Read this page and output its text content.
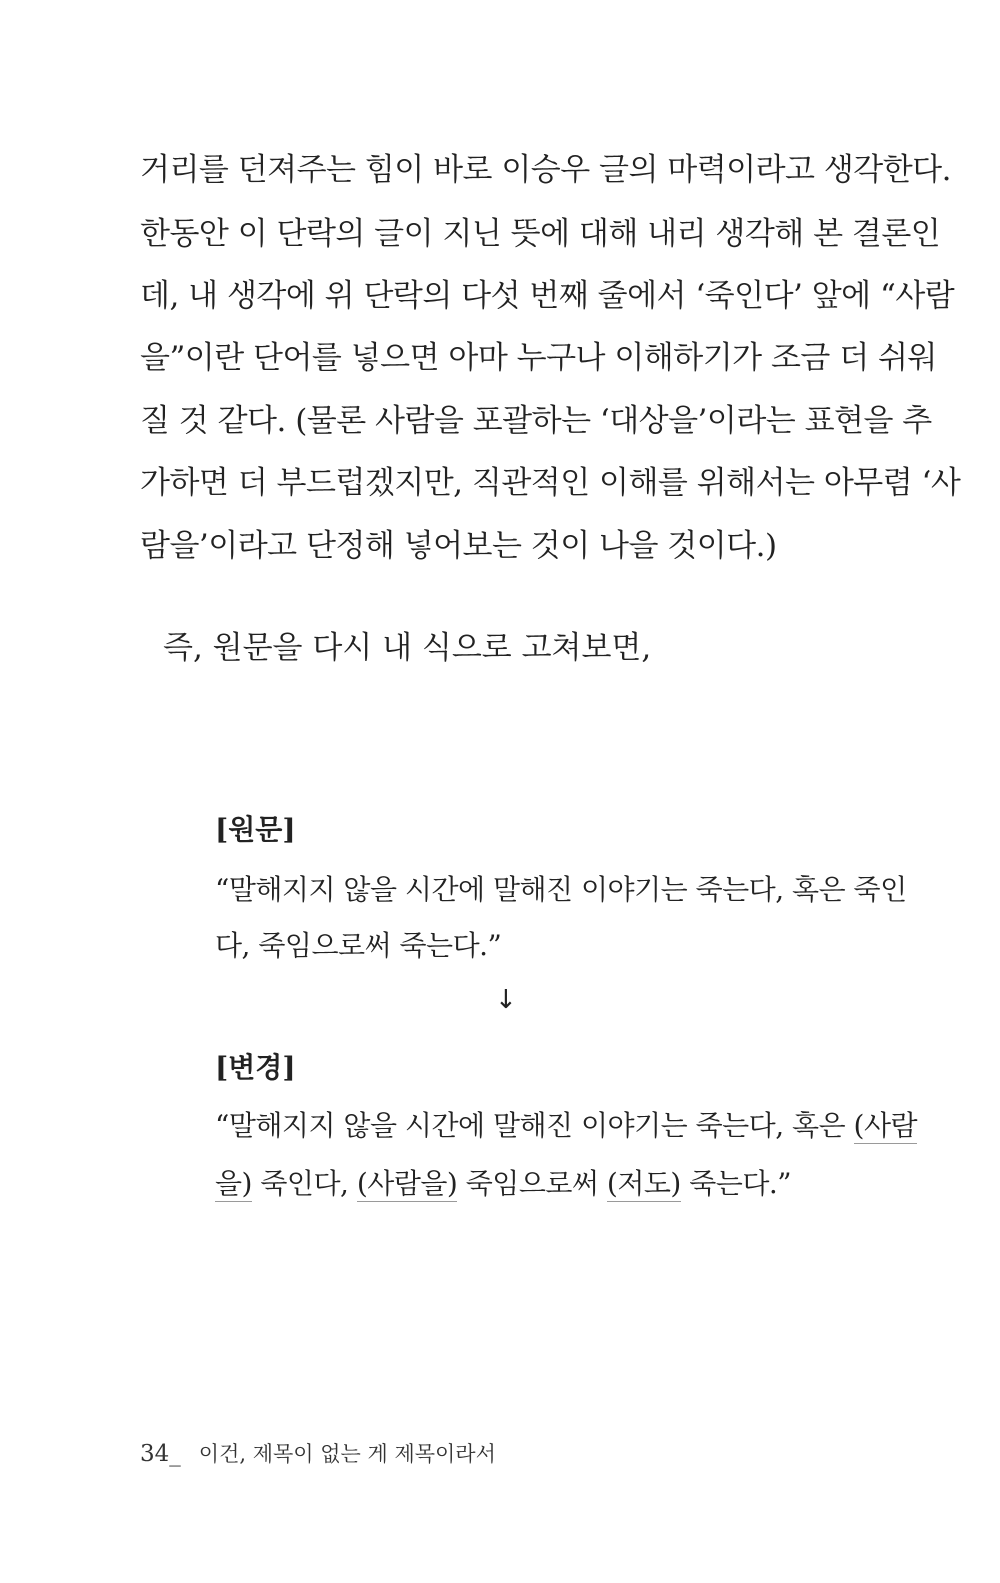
거리를 던져주는 힘이 바로 이승우 글의 마력이라고 생각한다.
한동안 이 단락의 글이 지닌 뜻에 대해 내리 생각해 본 결론인
데, 내 생각에 위 단락의 다섯 번째 줄에서 ‘죽인다’ 앞에 “사람
을”이란 단어를 넣으면 아마 누구나 이해하기가 조금 더 쉬워
질 것 같다. (물론 사람을 포괄하는 ‘대상을’이라는 표현을 추
가하면 더 부드럽겠지만, 직관적인 이해를 위해서는 아무렴 ‘사
람을’이라고 단정해 넣어보는 것이 나을 것이다.)
즉, 원문을 다시 내 식으로 고쳐보면,
[원문]
“말해지지 않을 시간에 말해진 이야기는 죽는다, 혹은 죽인
다, 죽임으로써 죽는다.”
↓
[변경]
“말해지지 않을 시간에 말해진 이야기는 죽는다, 혹은 (사람
을) 죽인다, (사람을) 죽임으로써 (저도) 죽는다.”
34_ 이건, 제목이 없는 게 제목이라서
